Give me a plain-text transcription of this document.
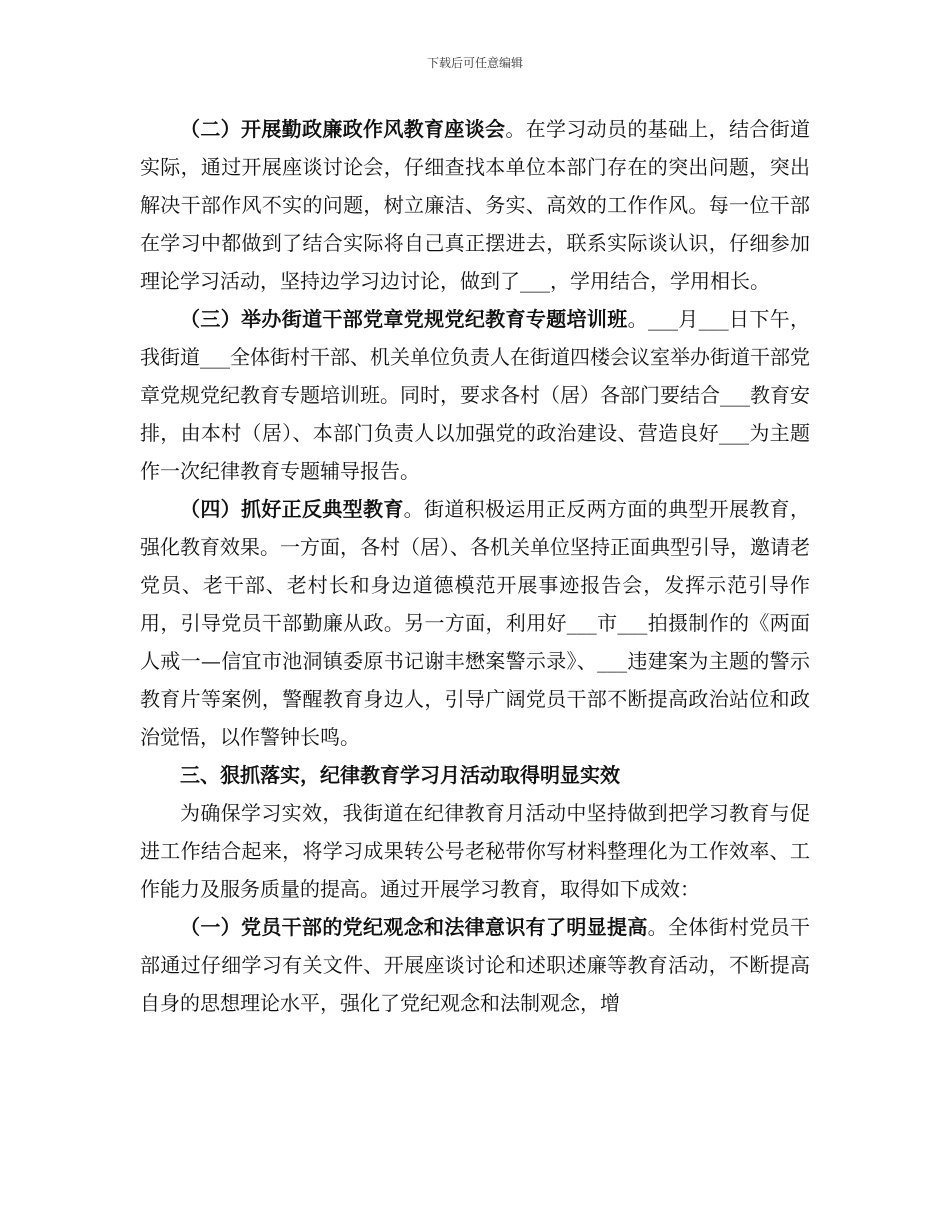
下载后可任意编辑

（二）开展勤政廉政作风教育座谈会。在学习动员的基础上，结合街道实际，通过开展座谈讨论会，仔细查找本单位本部门存在的突出问题，突出解决干部作风不实的问题，树立廉洁、务实、高效的工作作风。每一位干部在学习中都做到了结合实际将自己真正摆进去，联系实际谈认识，仔细参加理论学习活动，坚持边学习边讨论，做到了___，学用结合，学用相长。

（三）举办街道干部党章党规党纪教育专题培训班。___月___日下午，我街道___全体街村干部、机关单位负责人在街道四楼会议室举办街道干部党章党规党纪教育专题培训班。同时，要求各村（居）各部门要结合___教育安排，由本村（居）、本部门负责人以加强党的政治建设、营造良好___为主题作一次纪律教育专题辅导报告。

（四）抓好正反典型教育。街道积极运用正反两方面的典型开展教育，强化教育效果。一方面，各村（居）、各机关单位坚持正面典型引导，邀请老党员、老干部、老村长和身边道德模范开展事迹报告会，发挥示范引导作用，引导党员干部勤廉从政。另一方面，利用好___市___拍摄制作的《两面人戒一—信宜市池洞镇委原书记谢丰懋案警示录》、___违建案为主题的警示教育片等案例，警醒教育身边人，引导广阔党员干部不断提高政治站位和政治觉悟，以作警钟长鸣。

三、狠抓落实，纪律教育学习月活动取得明显实效

为确保学习实效，我街道在纪律教育月活动中坚持做到把学习教育与促进工作结合起来，将学习成果转公号老秘带你写材料整理化为工作效率、工作能力及服务质量的提高。通过开展学习教育，取得如下成效：

（一）党员干部的党纪观念和法律意识有了明显提高。全体街村党员干部通过仔细学习有关文件、开展座谈讨论和述职述廉等教育活动，不断提高自身的思想理论水平，强化了党纪观念和法制观念，增
